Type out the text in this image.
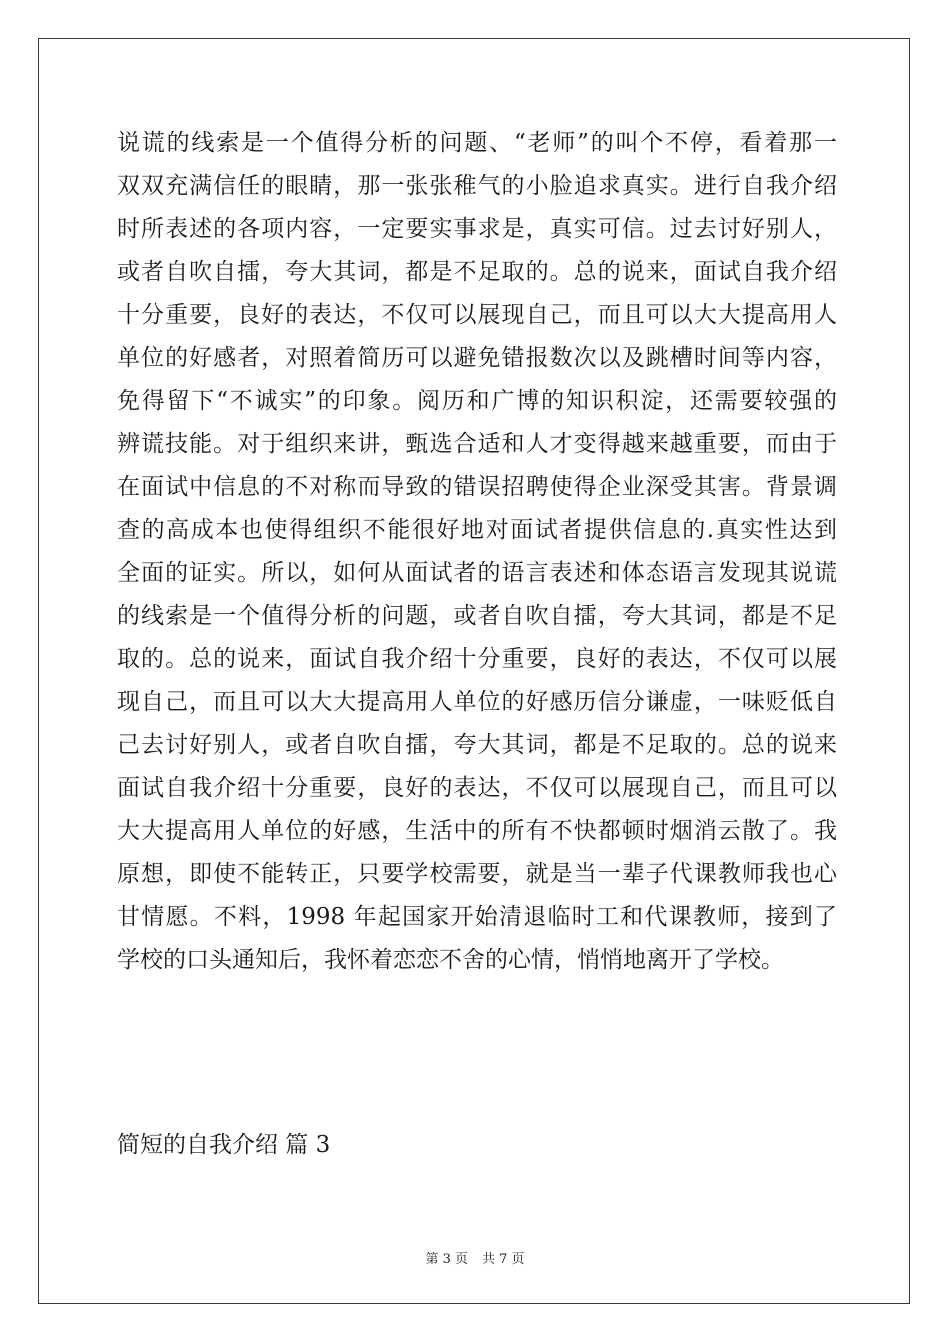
说谎的线索是一个值得分析的问题、“老师”的叫个不停，看着那一
双双充满信任的眼睛，那一张张稚气的小脸追求真实。进行自我介绍
时所表述的各项内容，一定要实事求是，真实可信。过去讨好别人，
或者自吹自擂，夸大其词，都是不足取的。总的说来，面试自我介绍
十分重要，良好的表达，不仅可以展现自己，而且可以大大提高用人
单位的好感者，对照着简历可以避免错报数次以及跳槽时间等内容，
免得留下“不诚实”的印象。阅历和广博的知识积淀，还需要较强的
辨谎技能。对于组织来讲，甄选合适和人才变得越来越重要，而由于
在面试中信息的不对称而导致的错误招聘使得企业深受其害。背景调
查的高成本也使得组织不能很好地对面试者提供信息的.真实性达到
全面的证实。所以，如何从面试者的语言表述和体态语言发现其说谎
的线索是一个值得分析的问题，或者自吹自擂，夸大其词，都是不足
取的。总的说来，面试自我介绍十分重要，良好的表达，不仅可以展
现自己，而且可以大大提高用人单位的好感历信分谦虚，一味贬低自
己去讨好别人，或者自吹自擂，夸大其词，都是不足取的。总的说来
面试自我介绍十分重要，良好的表达，不仅可以展现自己，而且可以
大大提高用人单位的好感，生活中的所有不快都顿时烟消云散了。我
原想，即使不能转正，只要学校需要，就是当一辈子代课教师我也心
甘情愿。不料，1998 年起国家开始清退临时工和代课教师，接到了
学校的口头通知后，我怀着恋恋不舍的心情，悄悄地离开了学校。
简短的自我介绍 篇 3
第 3 页 共 7 页
